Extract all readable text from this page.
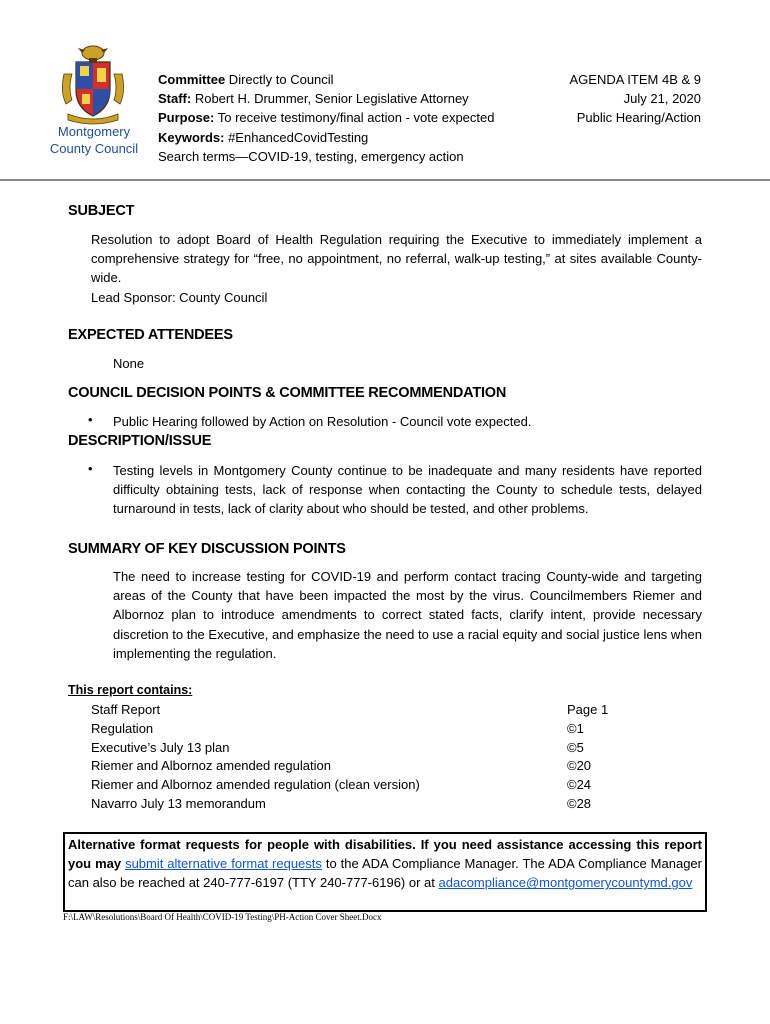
Montgomery
County Council
Committee Directly to Council
Staff: Robert H. Drummer, Senior Legislative Attorney
Purpose: To receive testimony/final action - vote expected
Keywords: #EnhancedCovidTesting
Search terms—COVID-19, testing, emergency action
AGENDA ITEM 4B & 9
July 21, 2020
Public Hearing/Action
SUBJECT
Resolution to adopt Board of Health Regulation requiring the Executive to immediately implement a comprehensive strategy for “free, no appointment, no referral, walk-up testing,” at sites available County-wide.
Lead Sponsor: County Council
EXPECTED ATTENDEES
None
COUNCIL DECISION POINTS & COMMITTEE RECOMMENDATION
• Public Hearing followed by Action on Resolution - Council vote expected.
DESCRIPTION/ISSUE
• Testing levels in Montgomery County continue to be inadequate and many residents have reported difficulty obtaining tests, lack of response when contacting the County to schedule tests, delayed turnaround in tests, lack of clarity about who should be tested, and other problems.
SUMMARY OF KEY DISCUSSION POINTS
The need to increase testing for COVID-19 and perform contact tracing County-wide and targeting areas of the County that have been impacted the most by the virus. Councilmembers Riemer and Albornoz plan to introduce amendments to correct stated facts, clarify intent, provide necessary discretion to the Executive, and emphasize the need to use a racial equity and social justice lens when implementing the regulation.
This report contains:
Staff Report	Page 1
Regulation	©1
Executive’s July 13 plan	©5
Riemer and Albornoz amended regulation	©20
Riemer and Albornoz amended regulation (clean version)	©24
Navarro July 13 memorandum	©28
Alternative format requests for people with disabilities. If you need assistance accessing this report you may submit alternative format requests to the ADA Compliance Manager. The ADA Compliance Manager can also be reached at 240-777-6197 (TTY 240-777-6196) or at adacompliance@montgomerycountymd.gov
F:\LAW\Resolutions\Board Of Health\COVID-19 Testing\PH-Action Cover Sheet.Docx
